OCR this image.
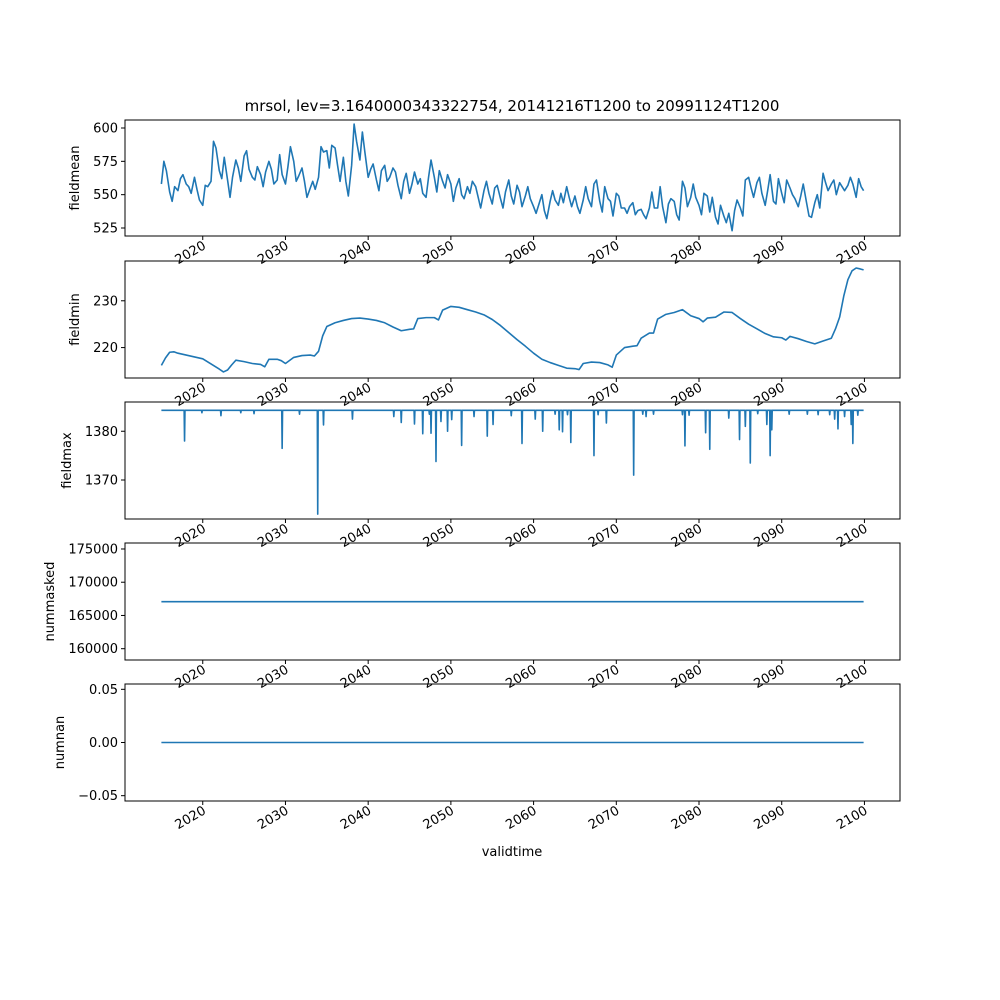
mrsol, lev=3.1640000343322754, 20141216T1200 to 20991124T1200
validtime
525
550
575
600
2020	2030	2040	2050	2060	2070	2080	2090	2100
fieldmean
220
230
2020	2030	2040	2050	2060	2070	2080	2090	2100
fieldmin
1370
1380
2020	2030	2040	2050	2060	2070	2080	2090	2100
fieldmax
160000
165000
170000
175000
2020	2030	2040	2050	2060	2070	2080	2090	2100
nummasked
−0.05
0.00
0.05
2020	2030	2040	2050	2060	2070	2080	2090	2100
numnan
